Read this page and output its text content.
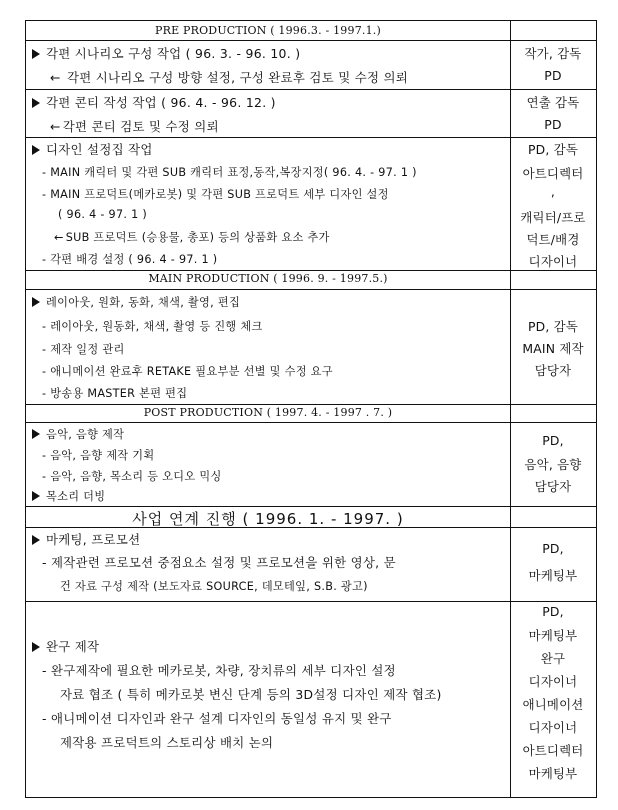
PRE PRODUCTION ( 1996.3. - 1997.1.)
각편 시나리오 구성 작업 ( 96. 3. - 96. 10. )
← 각편 시나리오 구성 방향 설정, 구성 완료후 검토 및 수정 의뢰
작가, 감독
PD
각편 콘티 작성 작업 ( 96. 4. - 96. 12. )
← 각편 콘티 검토 및 수정 의뢰
연출 감독
PD
디자인 설정집 작업
- MAIN 캐릭터 및 각편 SUB 캐릭터 표정,동작,복장지정( 96. 4. - 97. 1 )
- MAIN 프로덕트(메카로봇) 및 각편 SUB 프로덕트 세부 디자인 설정
( 96. 4 - 97. 1 )
← SUB 프로덕트 (승용물, 총포) 등의 상품화 요소 추가
- 각편 배경 설정 ( 96. 4 - 97. 1 )
PD, 감독
아트디렉터
,
캐릭터/프로
덕트/배경
디자이너
MAIN PRODUCTION ( 1996. 9. - 1997.5.)
레이아웃, 원화, 동화, 채색, 촬영, 편집
- 레이아웃, 원동화, 채색, 촬영 등 진행 체크
- 제작 일정 관리
- 애니메이션 완료후 RETAKE 필요부분 선별 및 수정 요구
- 방송용 MASTER 본편 편집
PD, 감독
MAIN 제작
담당자
POST PRODUCTION ( 1997. 4. - 1997 . 7. )
음악, 음향 제작
- 음악, 음향 제작 기획
- 음악, 음향, 목소리 등 오디오 믹싱
목소리 더빙
PD,
음악, 음향
담당자
사업 연계 진행 ( 1996. 1. - 1997. )
마케팅, 프로모션
- 제작관련 프로모션 중점요소 설정 및 프로모션을 위한 영상, 문
건 자료 구성 제작 (보도자료 SOURCE, 데모테잎, S.B. 광고)
PD,
마케팅부
완구 제작
- 완구제작에 필요한 메카로봇, 차량, 장치류의 세부 디자인 설정
자료 협조 ( 특히 메카로봇 변신 단계 등의 3D설정 디자인 제작 협조)
- 애니메이션 디자인과 완구 설계 디자인의 동일성 유지 및 완구
제작용 프로덕트의 스토리상 배치 논의
PD,
마케팅부
완구
디자이너
애니메이션
디자이너
아트디렉터
마케팅부
